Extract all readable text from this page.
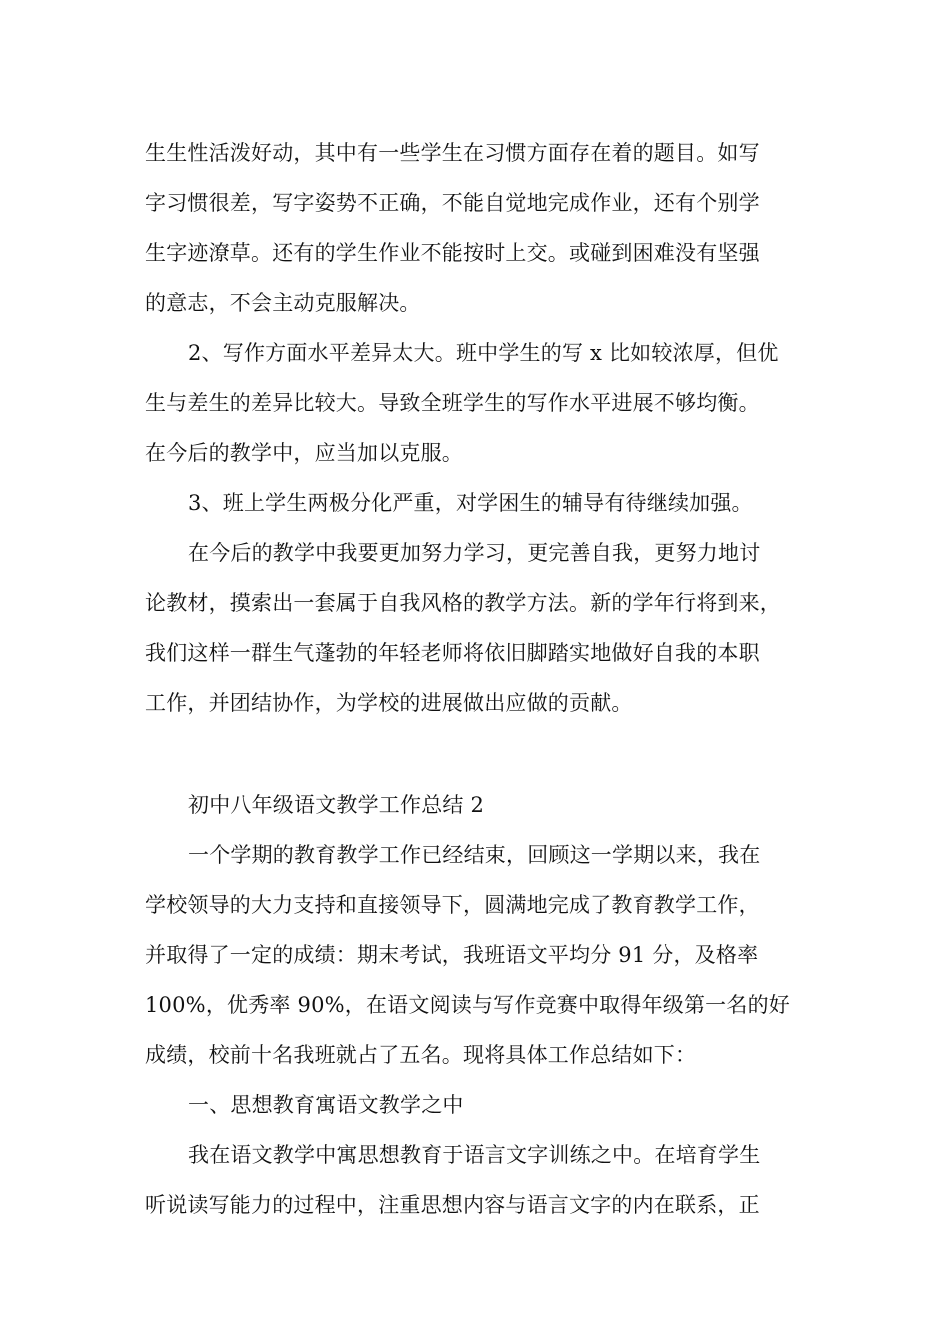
生生性活泼好动，其中有一些学生在习惯方面存在着的题目。如写
字习惯很差，写字姿势不正确，不能自觉地完成作业，还有个别学
生字迹潦草。还有的学生作业不能按时上交。或碰到困难没有坚强
的意志，不会主动克服解决。
2、写作方面水平差异太大。班中学生的写 x 比如较浓厚，但优
生与差生的差异比较大。导致全班学生的写作水平进展不够均衡。
在今后的教学中，应当加以克服。
3、班上学生两极分化严重，对学困生的辅导有待继续加强。
在今后的教学中我要更加努力学习，更完善自我，更努力地讨
论教材，摸索出一套属于自我风格的教学方法。新的学年行将到来，
我们这样一群生气蓬勃的年轻老师将依旧脚踏实地做好自我的本职
工作，并团结协作，为学校的进展做出应做的贡献。
初中八年级语文教学工作总结 2
一个学期的教育教学工作已经结束，回顾这一学期以来，我在
学校领导的大力支持和直接领导下，圆满地完成了教育教学工作，
并取得了一定的成绩：期末考试，我班语文平均分 91 分，及格率
100%，优秀率 90%，在语文阅读与写作竞赛中取得年级第一名的好
成绩，校前十名我班就占了五名。现将具体工作总结如下：
一、思想教育寓语文教学之中
我在语文教学中寓思想教育于语言文字训练之中。在培育学生
听说读写能力的过程中，注重思想内容与语言文字的内在联系，正
